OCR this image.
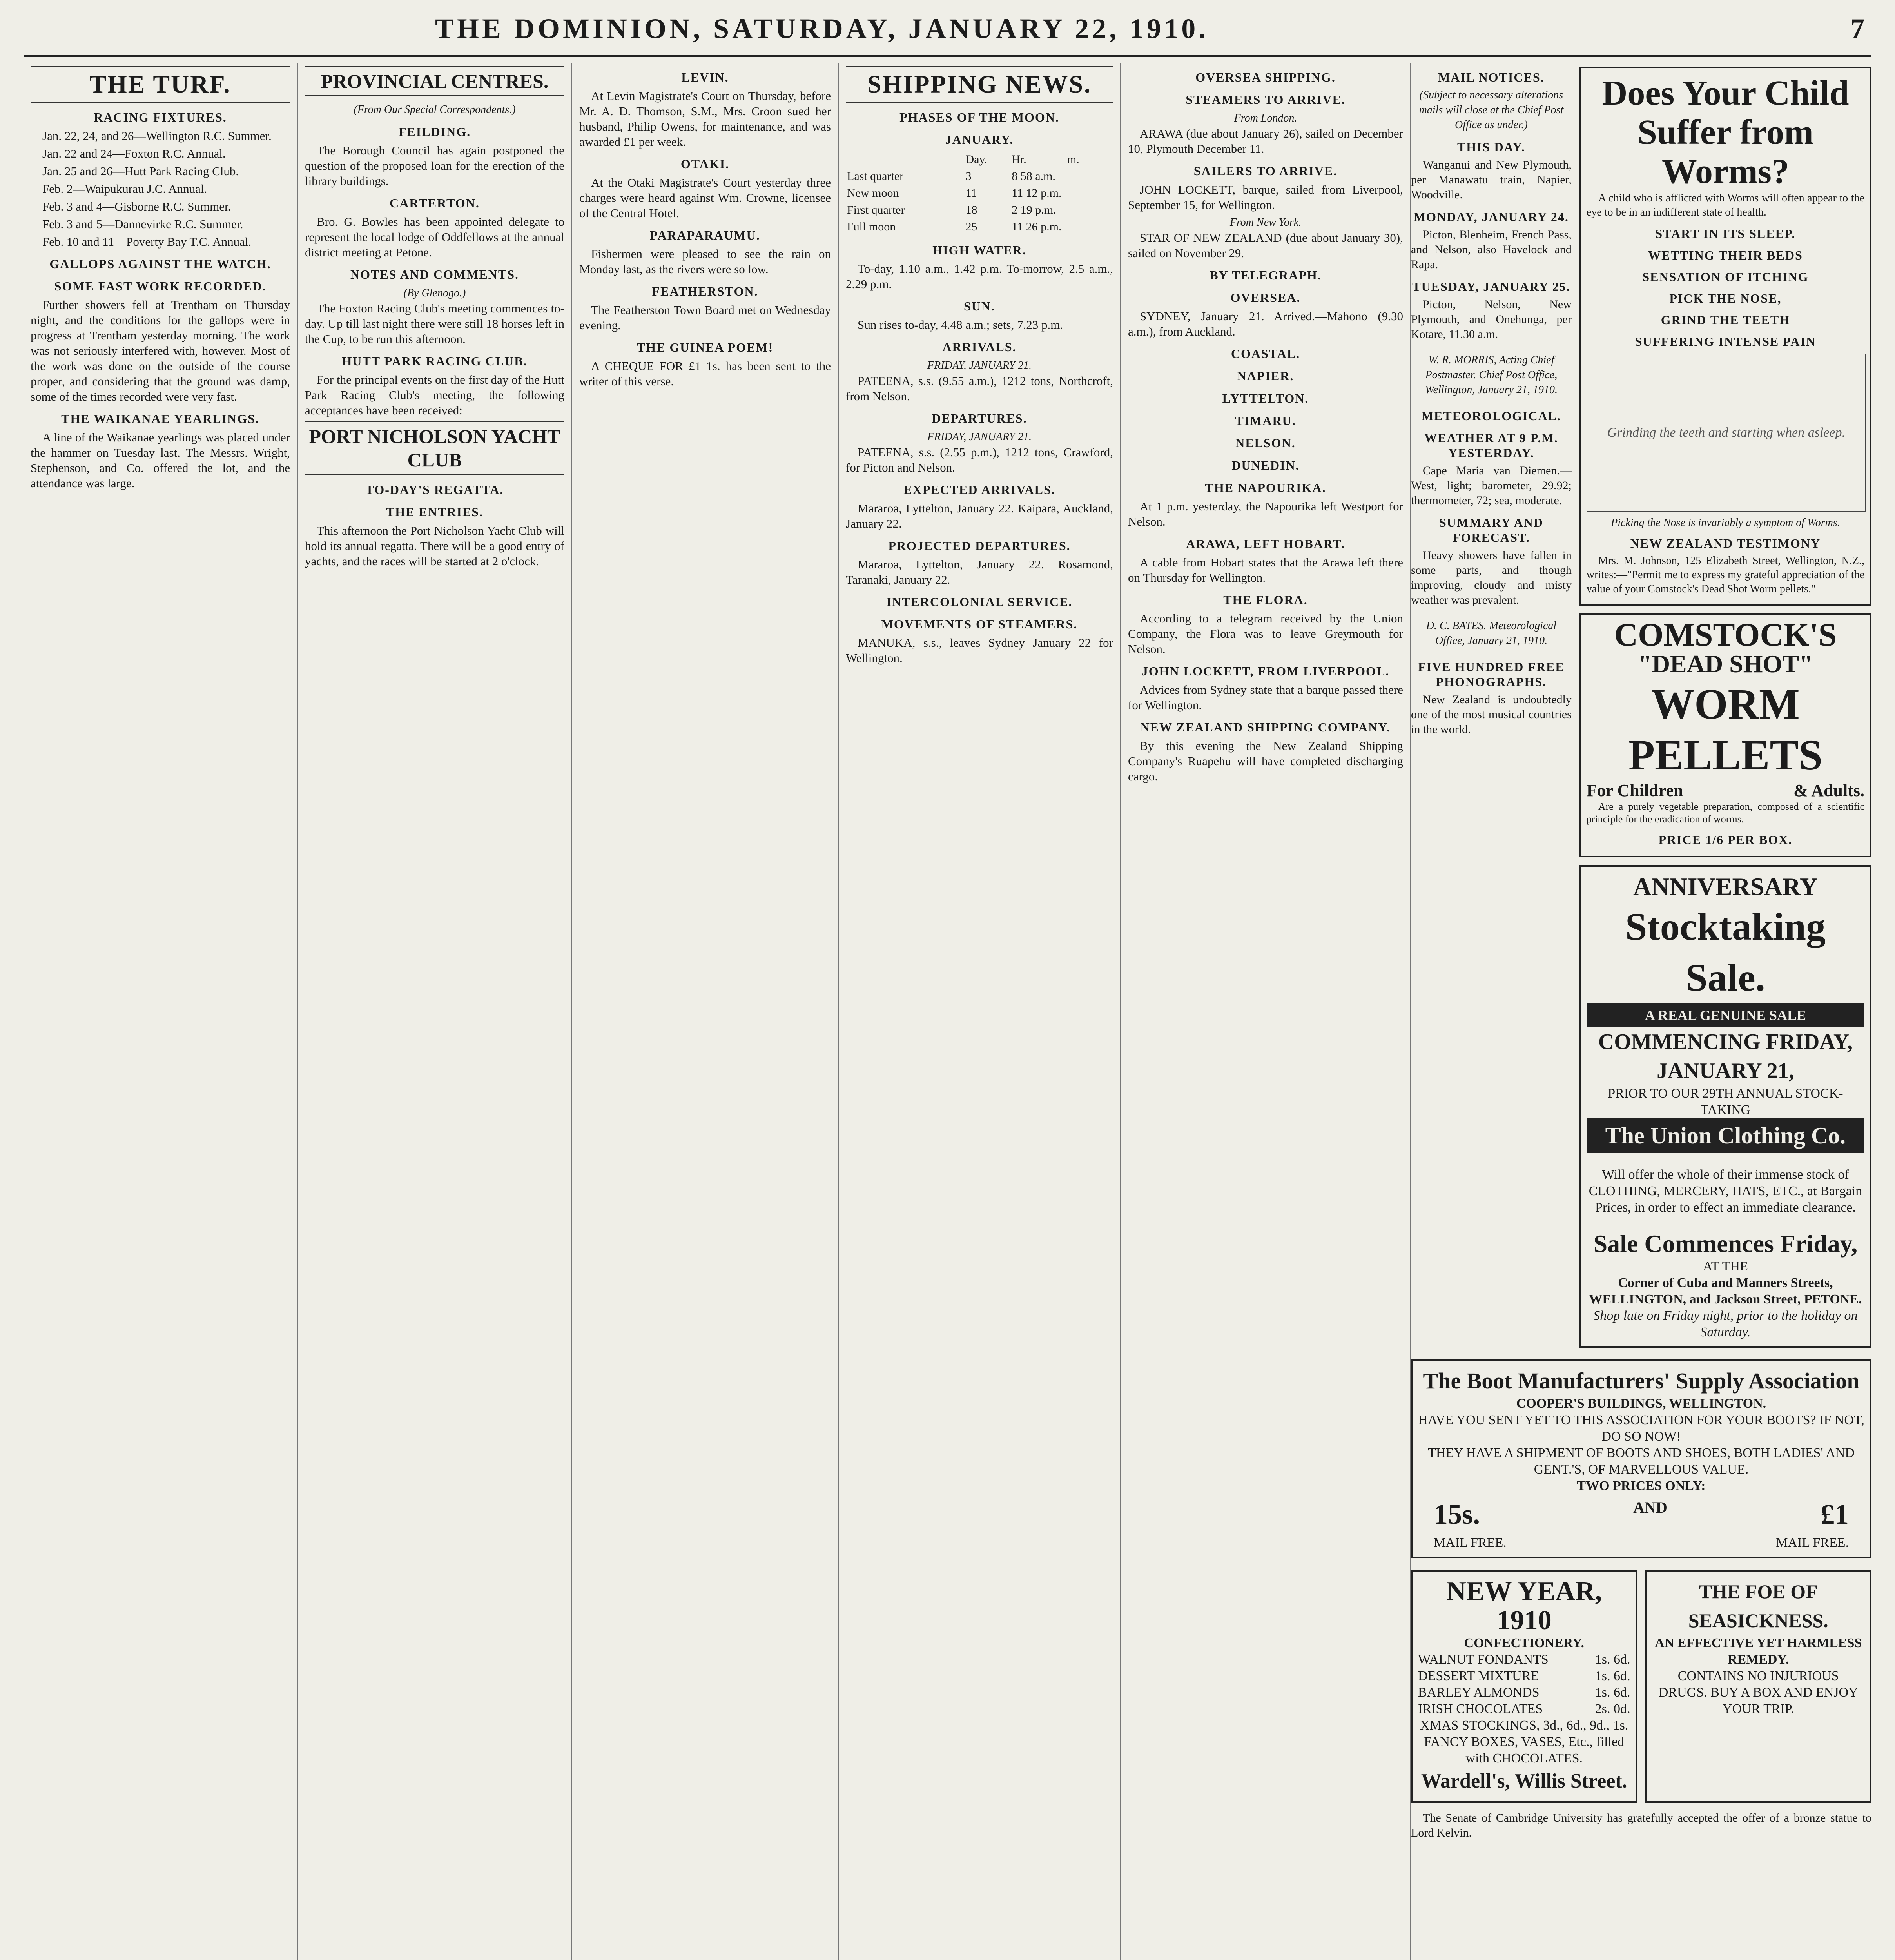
THE DOMINION, SATURDAY, JANUARY 22, 1910.	7
THE TURF.
RACING FIXTURES.
Jan. 22, 24, and 26—Wellington R.C. Summer.
Jan. 22 and 24—Foxton R.C. Annual.
Jan. 25 and 26—Hutt Park Racing Club.
Feb. 2—Waipukurau J.C. Annual.
Feb. 3 and 4—Gisborne R.C. Summer.
Feb. 3 and 5—Dannevirke R.C. Summer.
Feb. 10 and 11—Poverty Bay T.C. Annual.
GALLOPS AGAINST THE WATCH.
SOME FAST WORK RECORDED.

Further showers fell at Trentham on Thursday night, and the conditions for the gallops were in progress at Trentham yesterday morning. The work was not seriously interfered with, however. Most of the work was done on the outside of the course proper, and considering that the ground was damp, some of the times recorded were very fast.

THE WAIKANAE YEARLINGS.

A line of the Waikanae yearlings was placed under the hammer on Tuesday last. The Messrs. Wright, Stephenson, and Co. offered the lot, and the attendance was large.

PROVINCIAL CENTRES.
(From Our Special Correspondents.)
FEILDING.

The Borough Council has again postponed the question of the proposed loan for the erection of the library buildings.

CARTERTON.

Bro. G. Bowles has been appointed delegate to represent the local lodge of Oddfellows at the annual district meeting at Petone.

NOTES AND COMMENTS.
(By Glenogo.)

The Foxton Racing Club's meeting commences to-day. Up till last night there were still 18 horses left in the Cup, to be run this afternoon.

HUTT PARK RACING CLUB.

For the principal events on the first day of the Hutt Park Racing Club's meeting, the following acceptances have been received:

PORT NICHOLSON YACHT CLUB
TO-DAY'S REGATTA.
THE ENTRIES.

This afternoon the Port Nicholson Yacht Club will hold its annual regatta. There will be a good entry of yachts, and the races will be started at 2 o'clock.

LEVIN.

At Levin Magistrate's Court on Thursday, before Mr. A. D. Thomson, S.M., Mrs. Croon sued her husband, Philip Owens, for maintenance, and was awarded £1 per week.

OTAKI.

At the Otaki Magistrate's Court yesterday three charges were heard against Wm. Crowne, licensee of the Central Hotel.

PARAPARAUMU.

Fishermen were pleased to see the rain on Monday last, as the rivers were so low.

FEATHERSTON.

The Featherston Town Board met on Wednesday evening.

THE GUINEA POEM!

A CHEQUE FOR £1 1s. has been sent to the writer of this verse.

SHIPPING NEWS.
PHASES OF THE MOON.
JANUARY.
	Day.	Hr.	m.
Last quarter	3	8 58 a.m.	
New moon	11	11 12 p.m.	
First quarter	18	2 19 p.m.	
Full moon	25	11 26 p.m.	
HIGH WATER.

To-day, 1.10 a.m., 1.42 p.m. To-morrow, 2.5 a.m., 2.29 p.m.

SUN.

Sun rises to-day, 4.48 a.m.; sets, 7.23 p.m.

ARRIVALS.
FRIDAY, JANUARY 21.

PATEENA, s.s. (9.55 a.m.), 1212 tons, Northcroft, from Nelson.

DEPARTURES.
FRIDAY, JANUARY 21.

PATEENA, s.s. (2.55 p.m.), 1212 tons, Crawford, for Picton and Nelson.

EXPECTED ARRIVALS.

Mararoa, Lyttelton, January 22. Kaipara, Auckland, January 22.

PROJECTED DEPARTURES.

Mararoa, Lyttelton, January 22. Rosamond, Taranaki, January 22.

INTERCOLONIAL SERVICE.
MOVEMENTS OF STEAMERS.

MANUKA, s.s., leaves Sydney January 22 for Wellington.

OVERSEA SHIPPING.
STEAMERS TO ARRIVE.
From London.

ARAWA (due about January 26), sailed on December 10, Plymouth December 11.

SAILERS TO ARRIVE.

JOHN LOCKETT, barque, sailed from Liverpool, September 15, for Wellington.

From New York.

STAR OF NEW ZEALAND (due about January 30), sailed on November 29.

BY TELEGRAPH.
OVERSEA.

SYDNEY, January 21. Arrived.—Mahono (9.30 a.m.), from Auckland.

COASTAL.
NAPIER.
LYTTELTON.
TIMARU.
NELSON.
DUNEDIN.
THE NAPOURIKA.

At 1 p.m. yesterday, the Napourika left Westport for Nelson.

ARAWA, LEFT HOBART.

A cable from Hobart states that the Arawa left there on Thursday for Wellington.

THE FLORA.

According to a telegram received by the Union Company, the Flora was to leave Greymouth for Nelson.

JOHN LOCKETT, FROM LIVERPOOL.

Advices from Sydney state that a barque passed there for Wellington.

NEW ZEALAND SHIPPING COMPANY.

By this evening the New Zealand Shipping Company's Ruapehu will have completed discharging cargo.

MAIL NOTICES.
(Subject to necessary alterations mails will close at the Chief Post Office as under.)
THIS DAY.

Wanganui and New Plymouth, per Manawatu train, Napier, Woodville.

MONDAY, JANUARY 24.

Picton, Blenheim, French Pass, and Nelson, also Havelock and Rapa.

TUESDAY, JANUARY 25.

Picton, Nelson, New Plymouth, and Onehunga, per Kotare, 11.30 a.m.

W. R. MORRIS, Acting Chief Postmaster. Chief Post Office, Wellington, January 21, 1910.

METEOROLOGICAL.
WEATHER AT 9 P.M. YESTERDAY.

Cape Maria van Diemen.—West, light; barometer, 29.92; thermometer, 72; sea, moderate.

SUMMARY AND FORECAST.

Heavy showers have fallen in some parts, and though improving, cloudy and misty weather was prevalent.

D. C. BATES. Meteorological Office, January 21, 1910.

FIVE HUNDRED FREE PHONOGRAPHS.

New Zealand is undoubtedly one of the most musical countries in the world.

Does Your Child Suffer from Worms?

A child who is afflicted with Worms will often appear to the eye to be in an indifferent state of health.

START IN ITS SLEEP.
WETTING THEIR BEDS
SENSATION OF ITCHING
PICK THE NOSE,
GRIND THE TEETH
SUFFERING INTENSE PAIN
Grinding the teeth and starting when asleep.
Picking the Nose is invariably a symptom of Worms.
NEW ZEALAND TESTIMONY

Mrs. M. Johnson, 125 Elizabeth Street, Wellington, N.Z., writes:—"Permit me to express my grateful appreciation of the value of your Comstock's Dead Shot Worm pellets."

COMSTOCK'S
"DEAD SHOT"
WORM PELLETS
For Children	& Adults.

Are a purely vegetable preparation, composed of a scientific principle for the eradication of worms.

PRICE 1/6 PER BOX.
ANNIVERSARY
Stocktaking Sale.
A REAL GENUINE SALE
COMMENCING FRIDAY, JANUARY 21,
PRIOR TO OUR 29TH ANNUAL STOCK-TAKING
The Union Clothing Co.

Will offer the whole of their immense stock of CLOTHING, MERCERY, HATS, ETC., at Bargain Prices, in order to effect an immediate clearance.

Sale Commences Friday,
AT THE
Corner of Cuba and Manners Streets, WELLINGTON, and Jackson Street, PETONE.
Shop late on Friday night, prior to the holiday on Saturday.
The Boot Manufacturers' Supply Association
COOPER'S BUILDINGS, WELLINGTON.
HAVE YOU SENT YET TO THIS ASSOCIATION FOR YOUR BOOTS? IF NOT, DO SO NOW!
THEY HAVE A SHIPMENT OF BOOTS AND SHOES, BOTH LADIES' AND GENT.'S, OF MARVELLOUS VALUE.
TWO PRICES ONLY:
15s.	AND	£1
MAIL FREE.	MAIL FREE.
NEW YEAR, 1910
CONFECTIONERY.
WALNUT FONDANTS	1s. 6d.
DESSERT MIXTURE	1s. 6d.
BARLEY ALMONDS	1s. 6d.
IRISH CHOCOLATES	2s. 0d.
XMAS STOCKINGS, 3d., 6d., 9d., 1s.
FANCY BOXES, VASES, Etc., filled with CHOCOLATES.
Wardell's, Willis Street.
THE FOE OF SEASICKNESS.
AN EFFECTIVE YET HARMLESS REMEDY.
CONTAINS NO INJURIOUS DRUGS. BUY A BOX AND ENJOY YOUR TRIP.

The Senate of Cambridge University has gratefully accepted the offer of a bronze statue to Lord Kelvin.
